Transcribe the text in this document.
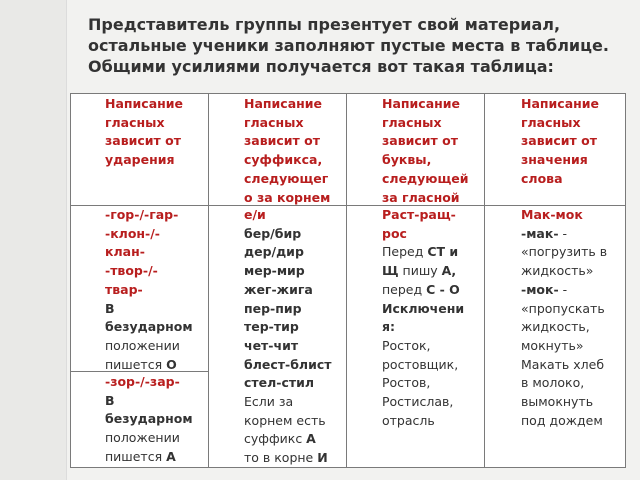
Представитель группы презентует свой материал, остальные ученики заполняют пустые места в таблице. Общими усилиями получается вот такая таблица:
Написание
гласных
зависит от
ударения
Написание
гласных
зависит от
суффикса,
следующег
о за корнем
Написание
гласных
зависит от
буквы,
следующей
за гласной
Написание
гласных
зависит от
значения
слова
-гор-/-гар-
-клон-/-
клан-
-твор-/-
твар-
В
безударном
положении
пишется О
-зор-/-зар-
В
безударном
положении
пишется А
е/и
бер/бир
дер/дир
мер-мир
жег-жига
пер-пир
тер-тир
чет-чит
блест-блист
стел-стил
Если за
корнем есть
суффикс А
то в корне И
Раст-ращ-
рос
Перед СТ и
Щ пишу А,
перед С - О
Исключени
я:
Росток,
ростовщик,
Ростов,
Ростислав,
отрасль
Мак-мок
-мак- -
«погрузить в
жидкость»
-мок- -
«пропускать
жидкость,
мокнуть»
Макать хлеб
в молоко,
вымокнуть
под дождем
